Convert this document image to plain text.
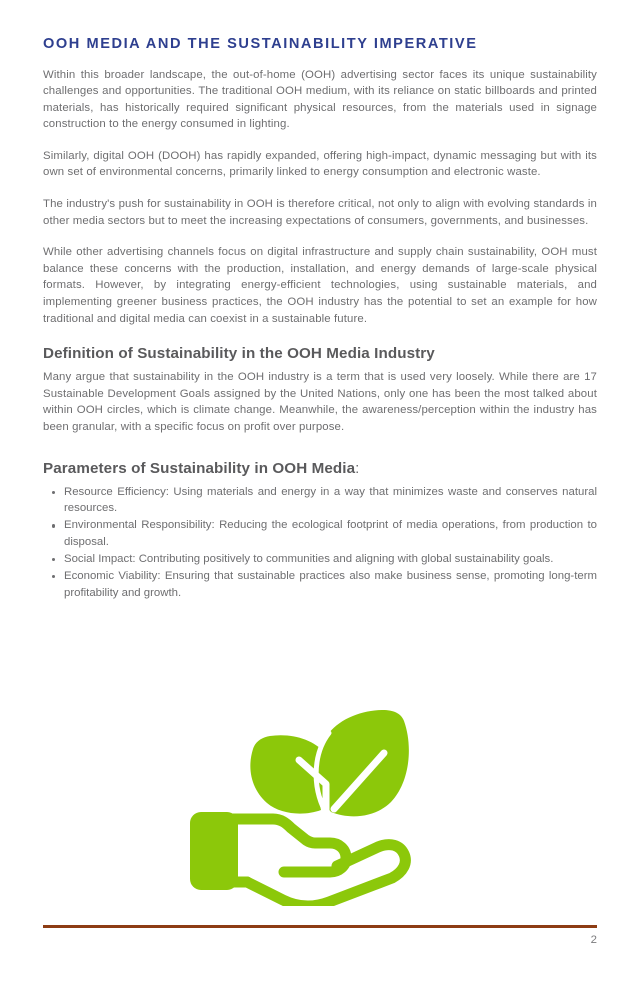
OOH MEDIA AND THE SUSTAINABILITY IMPERATIVE

Within this broader landscape, the out-of-home (OOH) advertising sector faces its unique sustainability challenges and opportunities. The traditional OOH medium, with its reliance on static billboards and printed materials, has historically required significant physical resources, from the materials used in signage construction to the energy consumed in lighting.

Similarly, digital OOH (DOOH) has rapidly expanded, offering high-impact, dynamic messaging but with its own set of environmental concerns, primarily linked to energy consumption and electronic waste.

The industry's push for sustainability in OOH is therefore critical, not only to align with evolving standards in other media sectors but to meet the increasing expectations of consumers, governments, and businesses.

While other advertising channels focus on digital infrastructure and supply chain sustainability, OOH must balance these concerns with the production, installation, and energy demands of large-scale physical formats. However, by integrating energy-efficient technologies, using sustainable materials, and implementing greener business practices, the OOH industry has the potential to set an example for how traditional and digital media can coexist in a sustainable future.

Definition of Sustainability in the OOH Media Industry

Many argue that sustainability in the OOH industry is a term that is used very loosely. While there are 17 Sustainable Development Goals assigned by the United Nations, only one has been the most talked about within OOH circles, which is climate change. Meanwhile, the awareness/perception within the industry has been granular, with a specific focus on profit over purpose.

Parameters of Sustainability in OOH Media:
Resource Efficiency: Using materials and energy in a way that minimizes waste and conserves natural resources.
Environmental Responsibility: Reducing the ecological footprint of media operations, from production to disposal.
Social Impact: Contributing positively to communities and aligning with global sustainability goals.
Economic Viability: Ensuring that sustainable practices also make business sense, promoting long-term profitability and growth.
2
